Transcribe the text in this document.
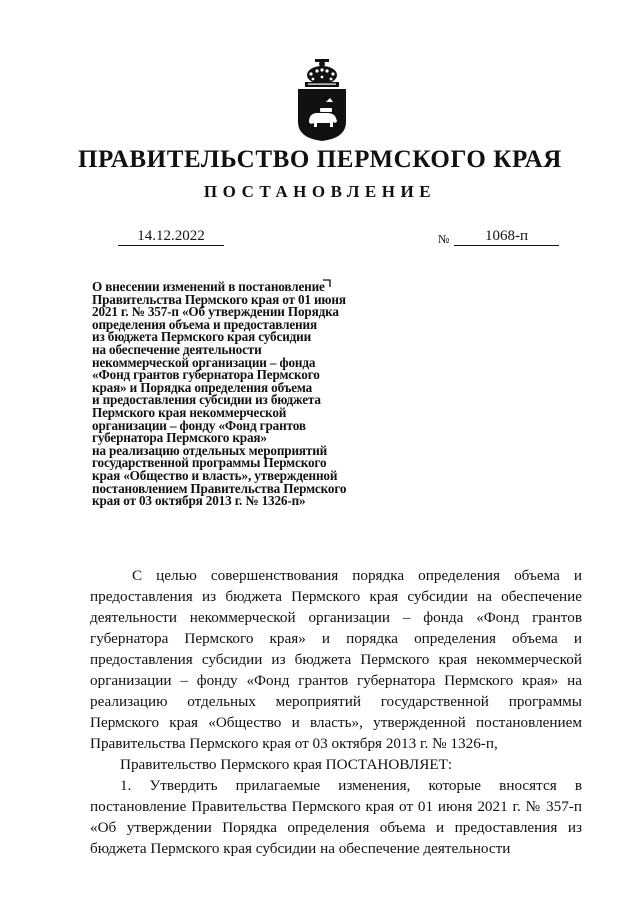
ПРАВИТЕЛЬСТВО ПЕРМСКОГО КРАЯ
ПОСТАНОВЛЕНИЕ
14.12.2022	№	1068-п
О внесении изменений в постановление
Правительства Пермского края от 01 июня
2021 г. № 357-п «Об утверждении Порядка
определения объема и предоставления
из бюджета Пермского края субсидии
на обеспечение деятельности
некоммерческой организации – фонда
«Фонд грантов губернатора Пермского
края» и Порядка определения объема
и предоставления субсидии из бюджета
Пермского края некоммерческой
организации – фонду «Фонд грантов
губернатора Пермского края»
на реализацию отдельных мероприятий
государственной программы Пермского
края «Общество и власть», утвержденной
постановлением Правительства Пермского
края от 03 октября 2013 г. № 1326-п»

С целью совершенствования порядка определения объема и предоставления из бюджета Пермского края субсидии на обеспечение деятельности некоммерческой организации – фонда «Фонд грантов губернатора Пермского края» и порядка определения объема и предоставления субсидии из бюджета Пермского края некоммерческой организации – фонду «Фонд грантов губернатора Пермского края» на реализацию отдельных мероприятий государственной программы Пермского края «Общество и власть», утвержденной постановлением Правительства Пермского края от 03 октября 2013 г. № 1326-п,

Правительство Пермского края ПОСТАНОВЛЯЕТ:

1. Утвердить прилагаемые изменения, которые вносятся в постановление Правительства Пермского края от 01 июня 2021 г. № 357-п «Об утверждении Порядка определения объема и предоставления из бюджета Пермского края субсидии на обеспечение деятельности
